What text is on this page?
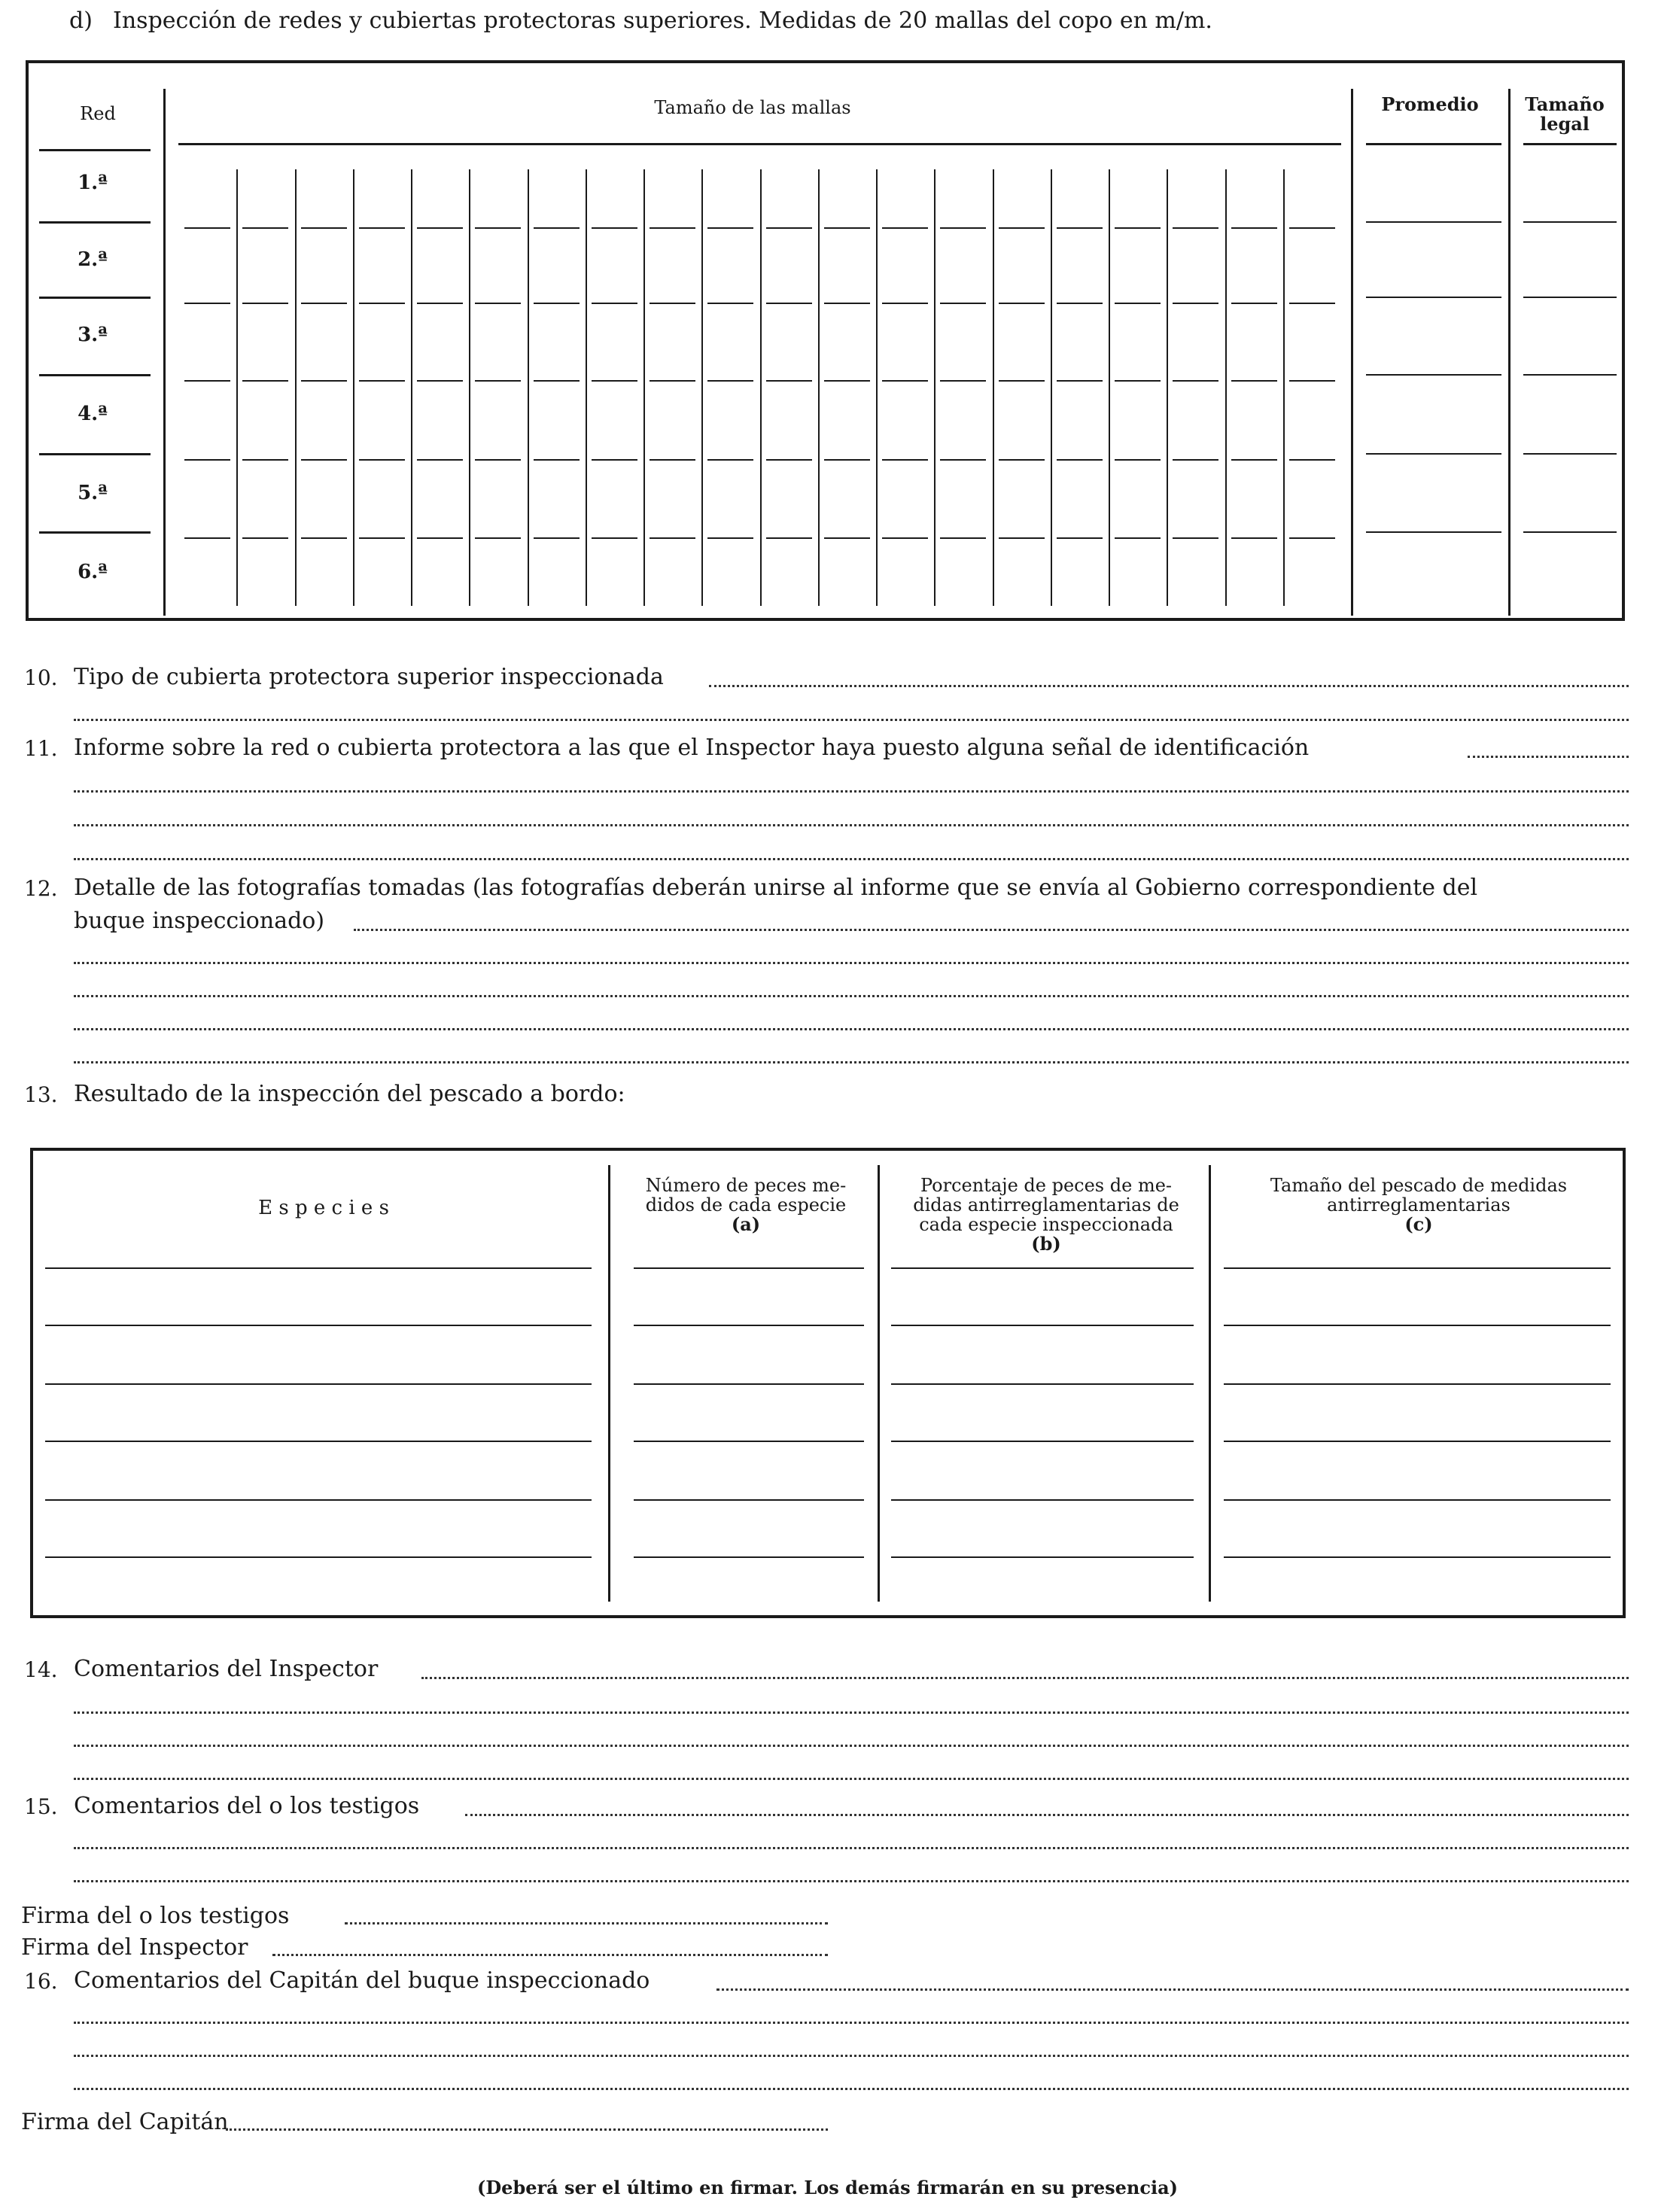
d) Inspección de redes y cubiertas protectoras superiores. Medidas de 20 mallas del copo en m/m.
Red	Tamaño de las mallas	Promedio	Tamaño legal
1.ª
2.ª
3.ª
4.ª
5.ª
6.ª
10. Tipo de cubierta protectora superior inspeccionada
11. Informe sobre la red o cubierta protectora a las que el Inspector haya puesto alguna señal de identificación
12. Detalle de las fotografías tomadas (las fotografías deberán unirse al informe que se envía al Gobierno correspondiente del
buque inspeccionado)
13. Resultado de la inspección del pescado a bordo:
E s p e c i e s
Número de peces me-
didos de cada especie
(a)
Porcentaje de peces de me-
didas antirreglamentarias de
cada especie inspeccionada
(b)
Tamaño del pescado de medidas
antirreglamentarias
(c)
14. Comentarios del Inspector
15. Comentarios del o los testigos
Firma del o los testigos
Firma del Inspector
16. Comentarios del Capitán del buque inspeccionado
Firma del Capitán
(Deberá ser el último en firmar. Los demás firmarán en su presencia)
